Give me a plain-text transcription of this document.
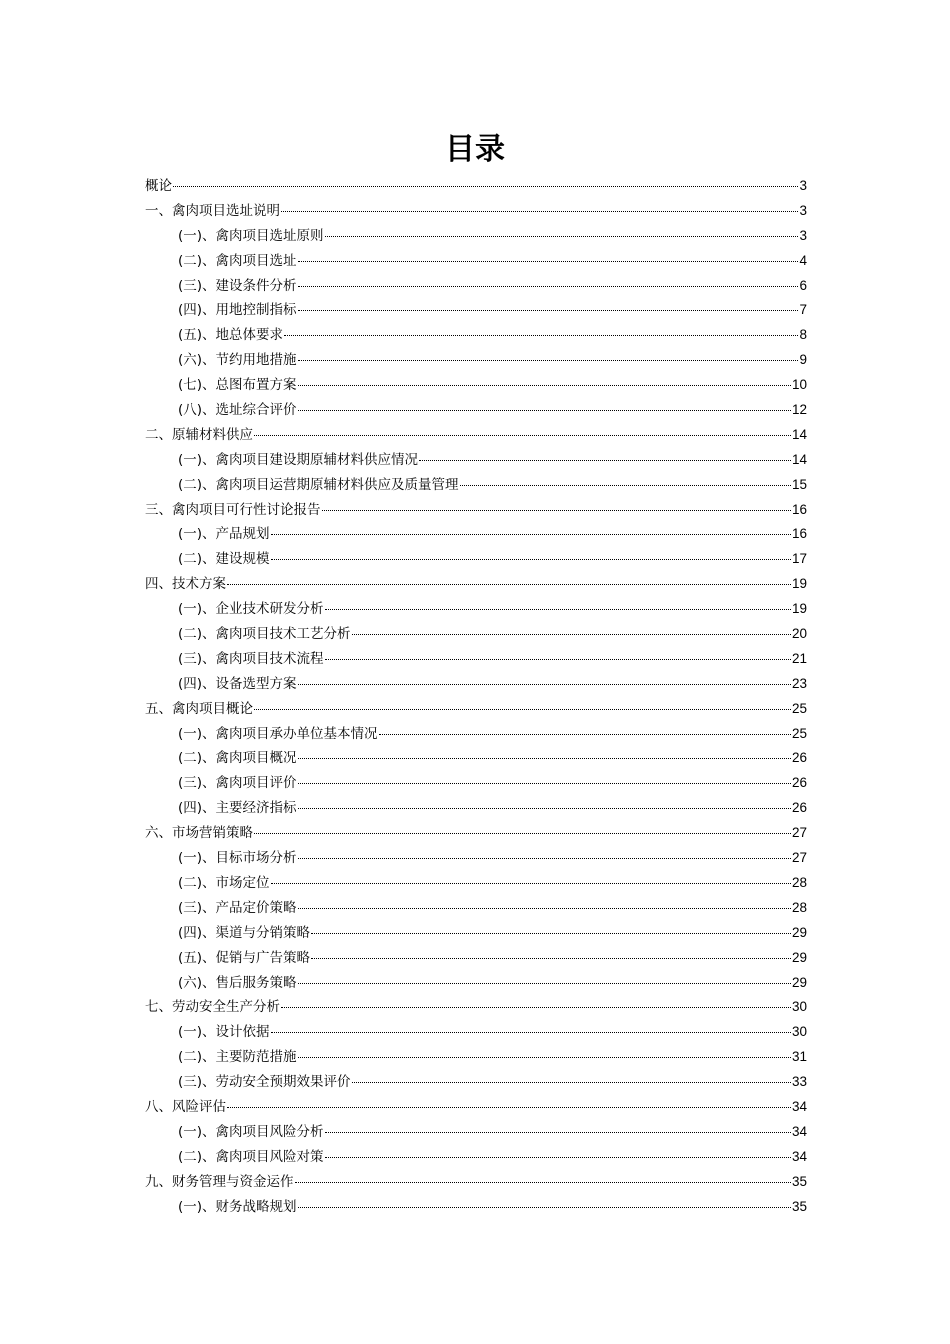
目录
概论	3
一、禽肉项目选址说明	3
(一)、禽肉项目选址原则	3
(二)、禽肉项目选址	4
(三)、建设条件分析	6
(四)、用地控制指标	7
(五)、地总体要求	8
(六)、节约用地措施	9
(七)、总图布置方案	10
(八)、选址综合评价	12
二、原辅材料供应	14
(一)、禽肉项目建设期原辅材料供应情况	14
(二)、禽肉项目运营期原辅材料供应及质量管理	15
三、禽肉项目可行性讨论报告	16
(一)、产品规划	16
(二)、建设规模	17
四、技术方案	19
(一)、企业技术研发分析	19
(二)、禽肉项目技术工艺分析	20
(三)、禽肉项目技术流程	21
(四)、设备选型方案	23
五、禽肉项目概论	25
(一)、禽肉项目承办单位基本情况	25
(二)、禽肉项目概况	26
(三)、禽肉项目评价	26
(四)、主要经济指标	26
六、市场营销策略	27
(一)、目标市场分析	27
(二)、市场定位	28
(三)、产品定价策略	28
(四)、渠道与分销策略	29
(五)、促销与广告策略	29
(六)、售后服务策略	29
七、劳动安全生产分析	30
(一)、设计依据	30
(二)、主要防范措施	31
(三)、劳动安全预期效果评价	33
八、风险评估	34
(一)、禽肉项目风险分析	34
(二)、禽肉项目风险对策	34
九、财务管理与资金运作	35
(一)、财务战略规划	35
